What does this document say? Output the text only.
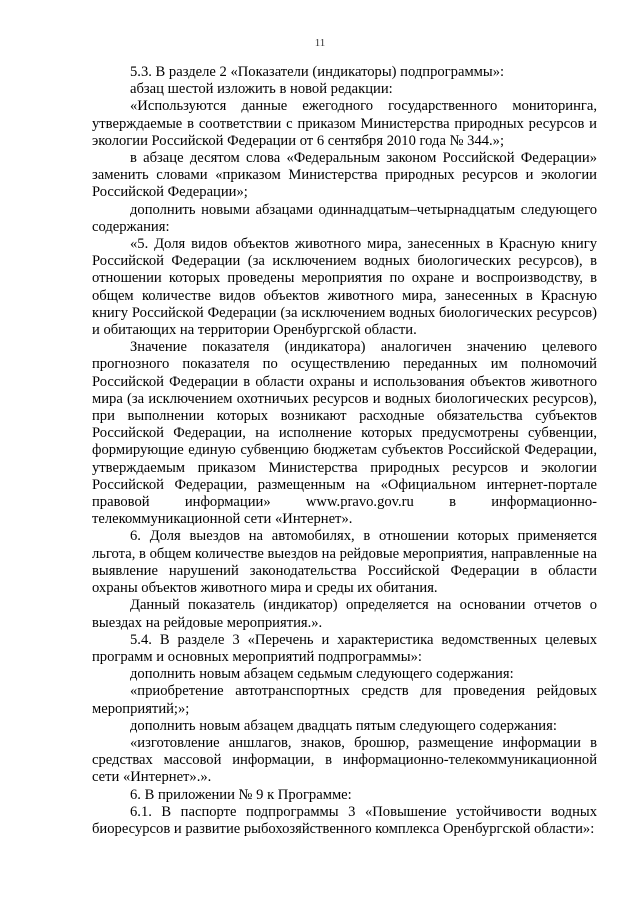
11

5.3. В разделе 2 «Показатели (индикаторы) подпрограммы»:

абзац шестой изложить в новой редакции:

«Используются данные ежегодного государственного мониторинга, утверждаемые в соответствии с приказом Министерства природных ресурсов и экологии Российской Федерации от 6 сентября 2010 года № 344.»;

в абзаце десятом слова «Федеральным законом Российской Федерации» заменить словами «приказом Министерства природных ресурсов и экологии Российской Федерации»;

дополнить новыми абзацами одиннадцатым–четырнадцатым следующего содержания:

«5. Доля видов объектов животного мира, занесенных в Красную книгу Российской Федерации (за исключением водных биологических ресурсов), в отношении которых проведены мероприятия по охране и воспроизводству, в общем количестве видов объектов животного мира, занесенных в Красную книгу Российской Федерации (за исключением водных биологических ресурсов) и обитающих на территории Оренбургской области.

Значение показателя (индикатора) аналогичен значению целевого прогнозного показателя по осуществлению переданных им полномочий Российской Федерации в области охраны и использования объектов животного мира (за исключением охотничьих ресурсов и водных биологических ресурсов), при выполнении которых возникают расходные обязательства субъектов Российской Федерации, на исполнение которых предусмотрены субвенции, формирующие единую субвенцию бюджетам субъектов Российской Федерации, утверждаемым приказом Министерства природных ресурсов и экологии Российской Федерации, размещенным на «Официальном интернет-портале правовой информации» www.pravo.gov.ru в информационно-телекоммуникационной сети «Интернет».

6. Доля выездов на автомобилях, в отношении которых применяется льгота, в общем количестве выездов на рейдовые мероприятия, направленные на выявление нарушений законодательства Российской Федерации в области охраны объектов животного мира и среды их обитания.

Данный показатель (индикатор) определяется на основании отчетов о выездах на рейдовые мероприятия.».

5.4. В разделе 3 «Перечень и характеристика ведомственных целевых программ и основных мероприятий подпрограммы»:

дополнить новым абзацем седьмым следующего содержания:

«приобретение автотранспортных средств для проведения рейдовых мероприятий;»;

дополнить новым абзацем двадцать пятым следующего содержания:

«изготовление аншлагов, знаков, брошюр, размещение информации в средствах массовой информации, в информационно-телекоммуникационной сети «Интернет».».

6. В приложении № 9 к Программе:

6.1. В паспорте подпрограммы 3 «Повышение устойчивости водных биоресурсов и развитие рыбохозяйственного комплекса Оренбургской области»:
